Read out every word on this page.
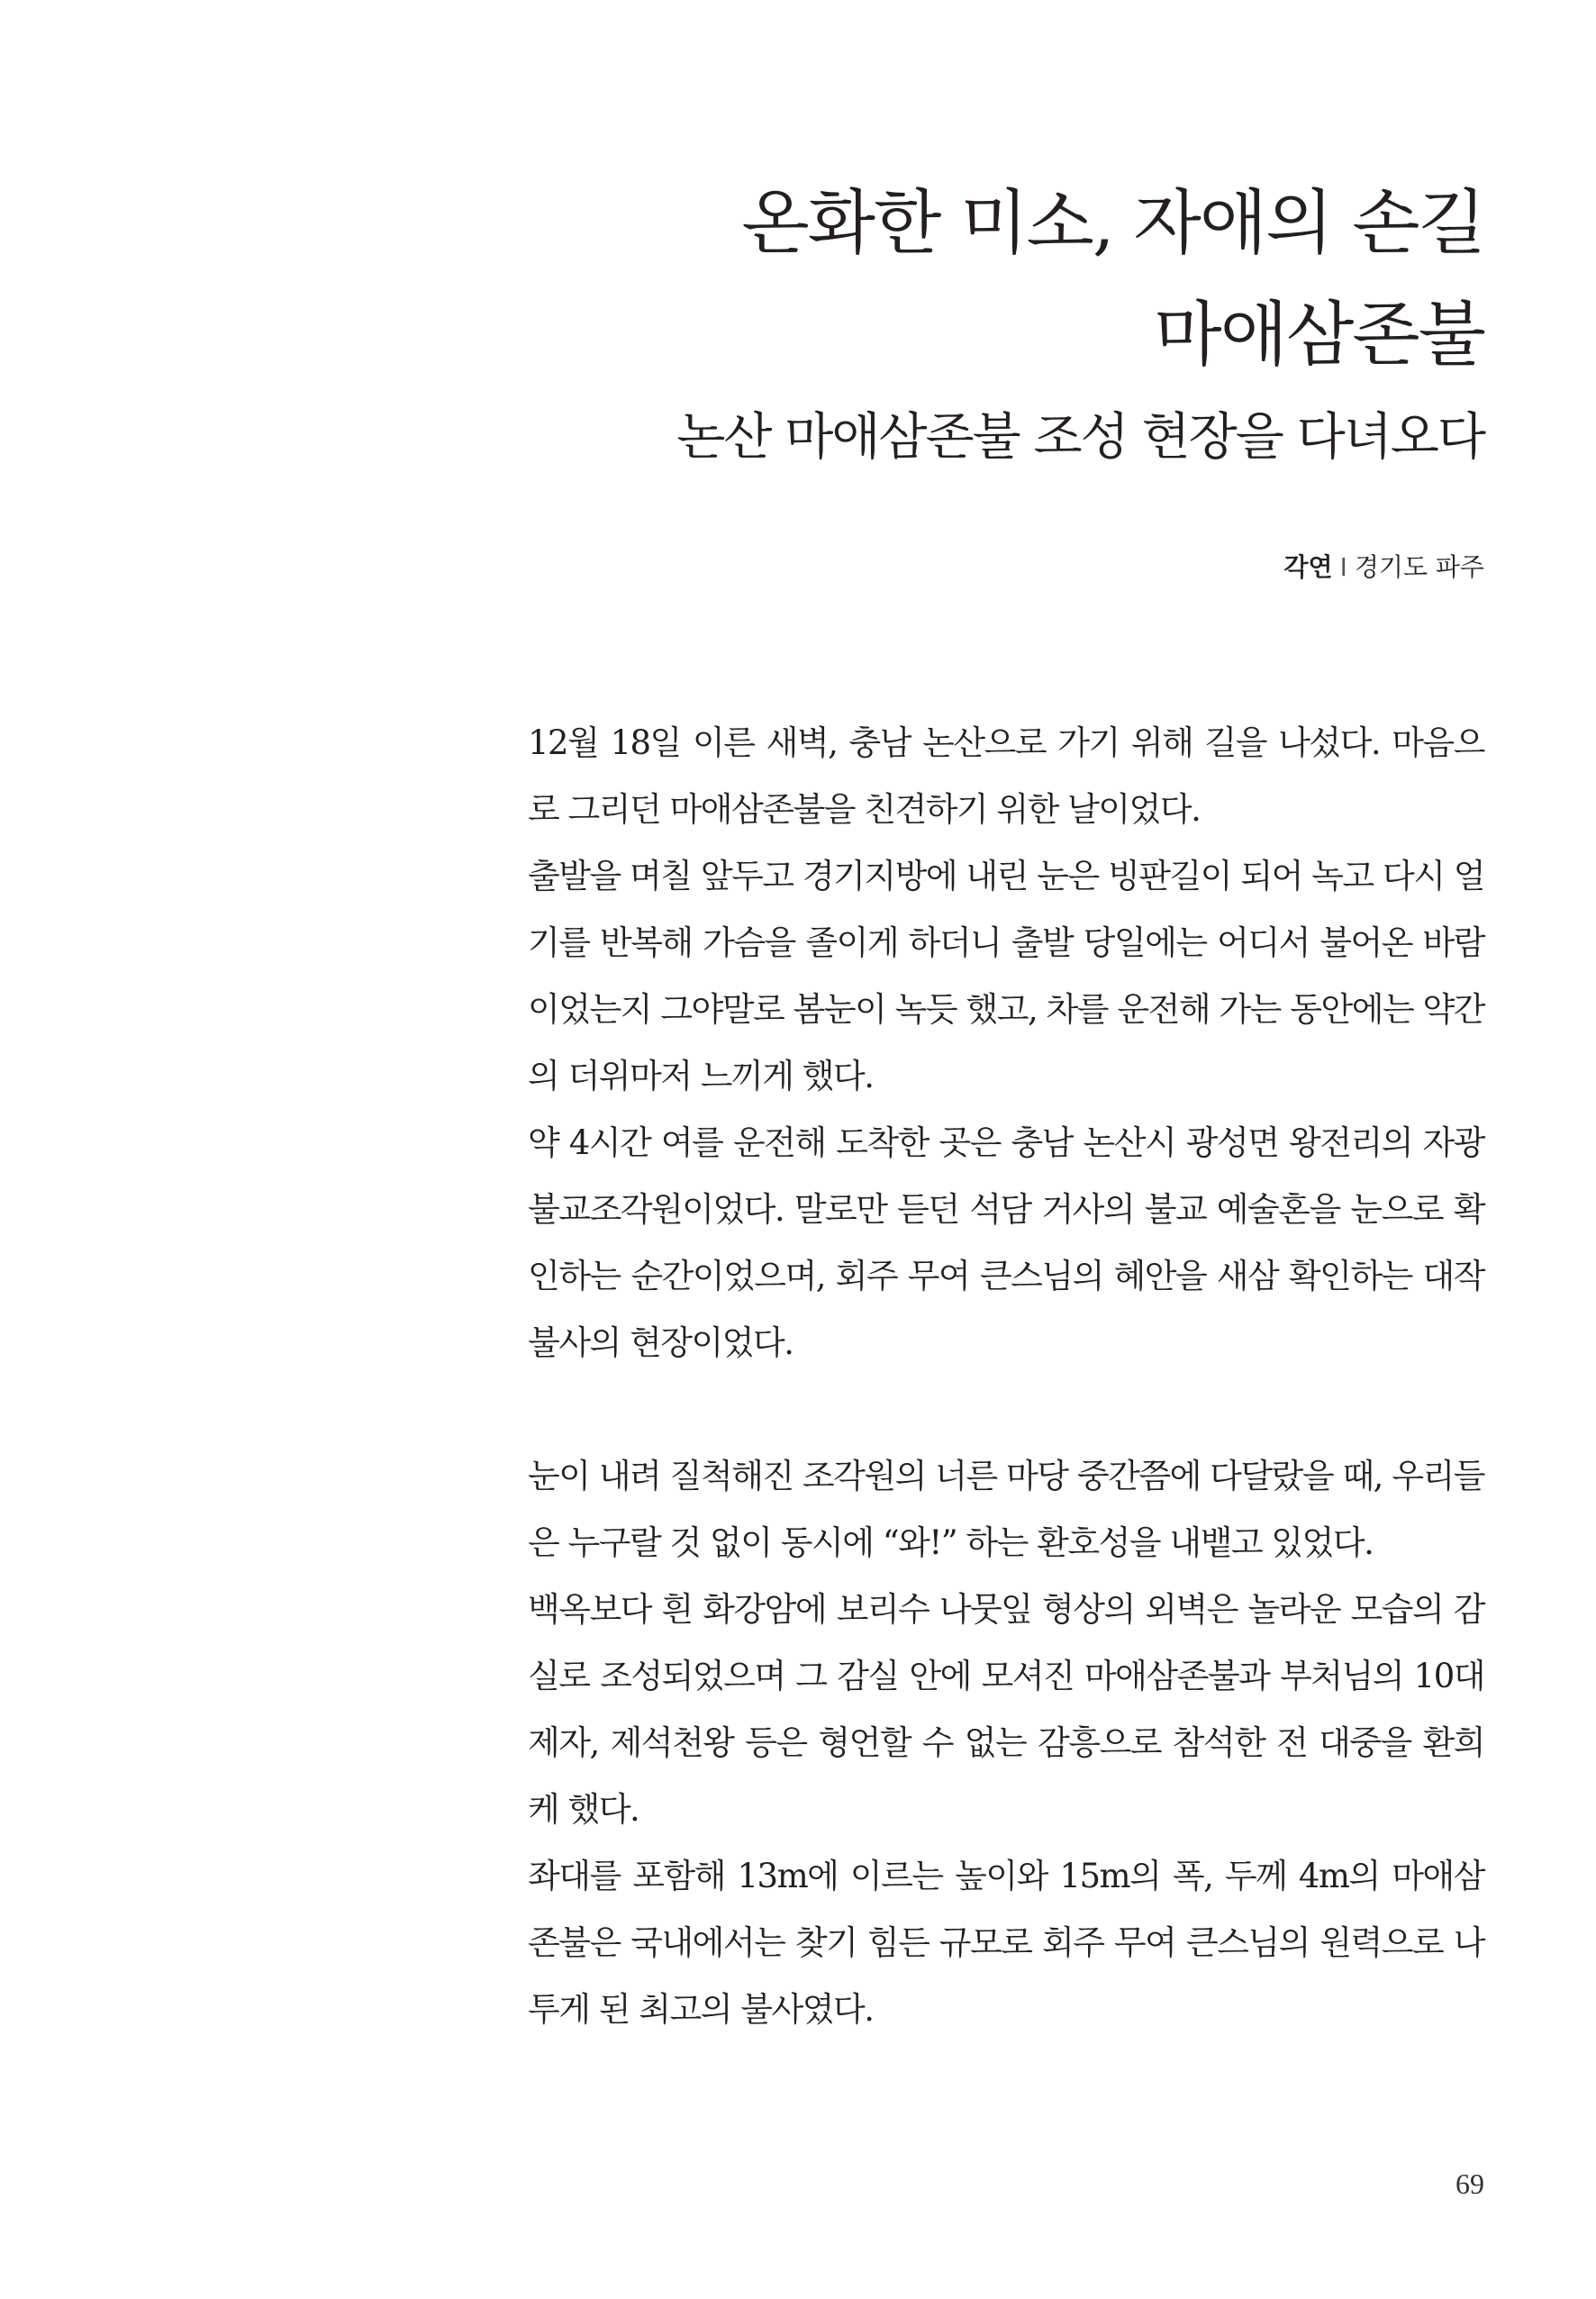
온화한 미소, 자애의 손길
마애삼존불
논산 마애삼존불 조성 현장을 다녀오다
각연 I 경기도 파주

12월 18일 이른 새벽, 충남 논산으로 가기 위해 길을 나섰다. 마음으로 그리던 마애삼존불을 친견하기 위한 날이었다.

출발을 며칠 앞두고 경기지방에 내린 눈은 빙판길이 되어 녹고 다시 얼기를 반복해 가슴을 졸이게 하더니 출발 당일에는 어디서 불어온 바람이었는지 그야말로 봄눈이 녹듯 했고, 차를 운전해 가는 동안에는 약간의 더위마저 느끼게 했다.

약 4시간 여를 운전해 도착한 곳은 충남 논산시 광성면 왕전리의 자광불교조각원이었다. 말로만 듣던 석담 거사의 불교 예술혼을 눈으로 확인하는 순간이었으며, 회주 무여 큰스님의 혜안을 새삼 확인하는 대작불사의 현장이었다.

눈이 내려 질척해진 조각원의 너른 마당 중간쯤에 다달랐을 때, 우리들은 누구랄 것 없이 동시에 “와!” 하는 환호성을 내뱉고 있었다.

백옥보다 흰 화강암에 보리수 나뭇잎 형상의 외벽은 놀라운 모습의 감실로 조성되었으며 그 감실 안에 모셔진 마애삼존불과 부처님의 10대제자, 제석천왕 등은 형언할 수 없는 감흥으로 참석한 전 대중을 환희케 했다.

좌대를 포함해 13m에 이르는 높이와 15m의 폭, 두께 4m의 마애삼존불은 국내에서는 찾기 힘든 규모로 회주 무여 큰스님의 원력으로 나투게 된 최고의 불사였다.

69
